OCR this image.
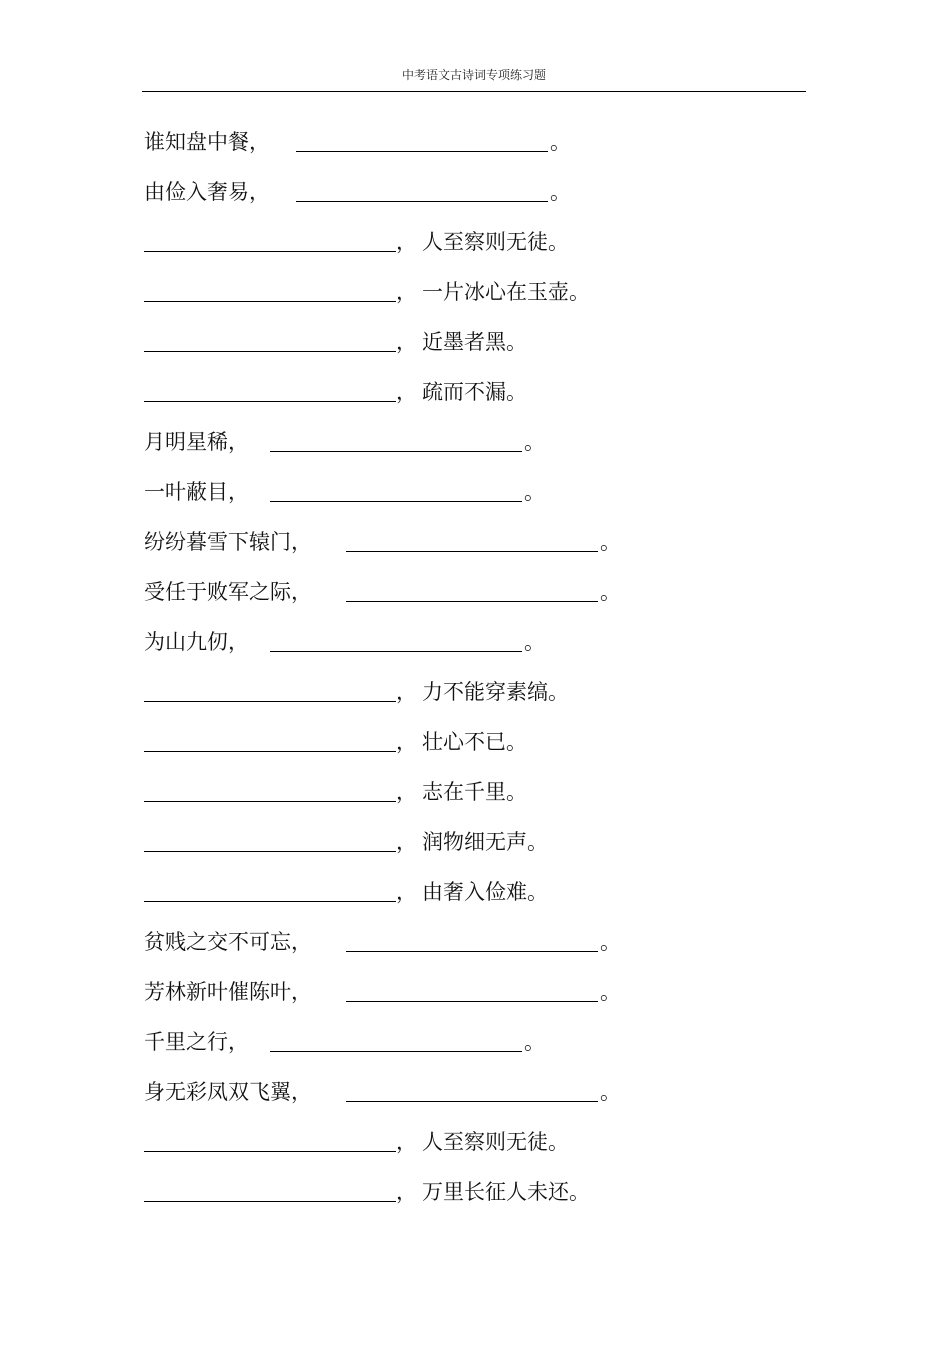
中考语文古诗词专项练习题
谁知盘中餐，	。
由俭入奢易，	。
， 人至察则无徒。
， 一片冰心在玉壶。
， 近墨者黑。
， 疏而不漏。
月明星稀，	。
一叶蔽目，	。
纷纷暮雪下辕门，	。
受任于败军之际，	。
为山九仞，	。
， 力不能穿素缟。
， 壮心不已。
， 志在千里。
， 润物细无声。
， 由奢入俭难。
贫贱之交不可忘，	。
芳林新叶催陈叶，	。
千里之行，	。
身无彩凤双飞翼，	。
， 人至察则无徒。
， 万里长征人未还。
